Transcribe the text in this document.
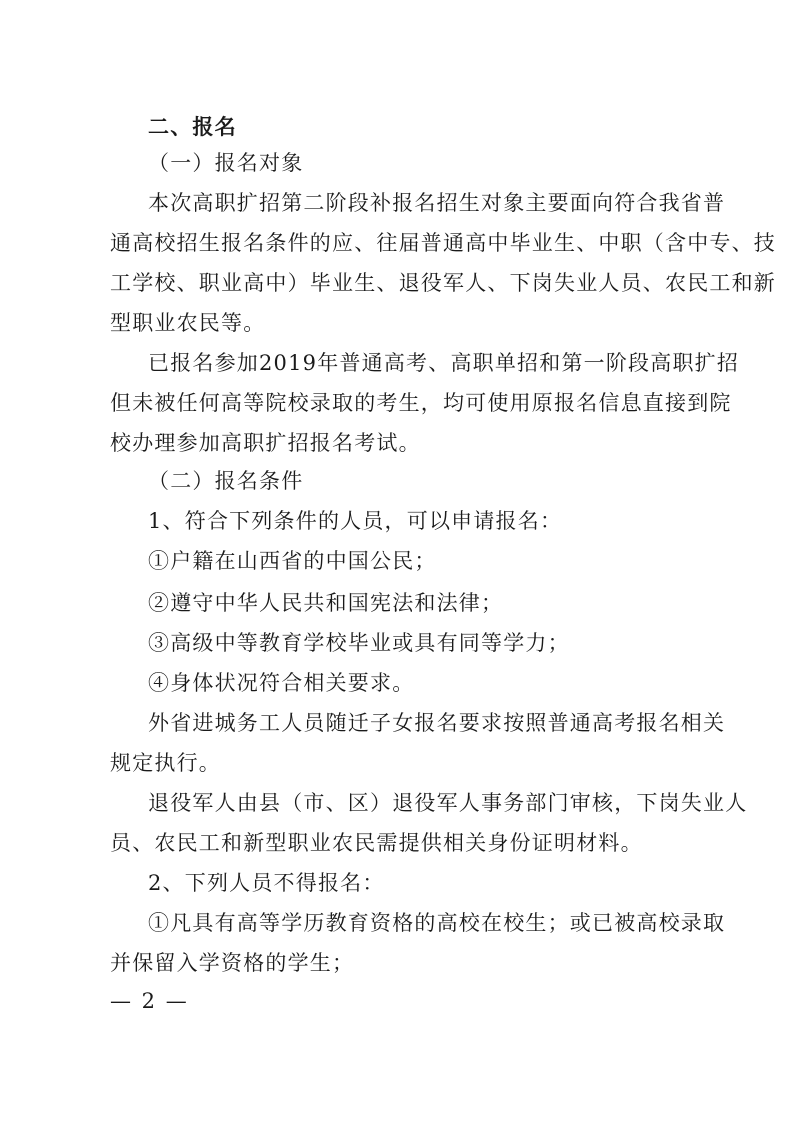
二、报名
（一）报名对象
本次高职扩招第二阶段补报名招生对象主要面向符合我省普
通高校招生报名条件的应、往届普通高中毕业生、中职（含中专、技
工学校、职业高中）毕业生、退役军人、下岗失业人员、农民工和新
型职业农民等。
已报名参加2019年普通高考、高职单招和第一阶段高职扩招
但未被任何高等院校录取的考生，均可使用原报名信息直接到院
校办理参加高职扩招报名考试。
（二）报名条件
1、符合下列条件的人员，可以申请报名：
①户籍在山西省的中国公民；
②遵守中华人民共和国宪法和法律；
③高级中等教育学校毕业或具有同等学力；
④身体状况符合相关要求。
外省进城务工人员随迁子女报名要求按照普通高考报名相关
规定执行。
退役军人由县（市、区）退役军人事务部门审核，下岗失业人
员、农民工和新型职业农民需提供相关身份证明材料。
2、下列人员不得报名：
①凡具有高等学历教育资格的高校在校生；或已被高校录取
并保留入学资格的学生；
— 2 —
